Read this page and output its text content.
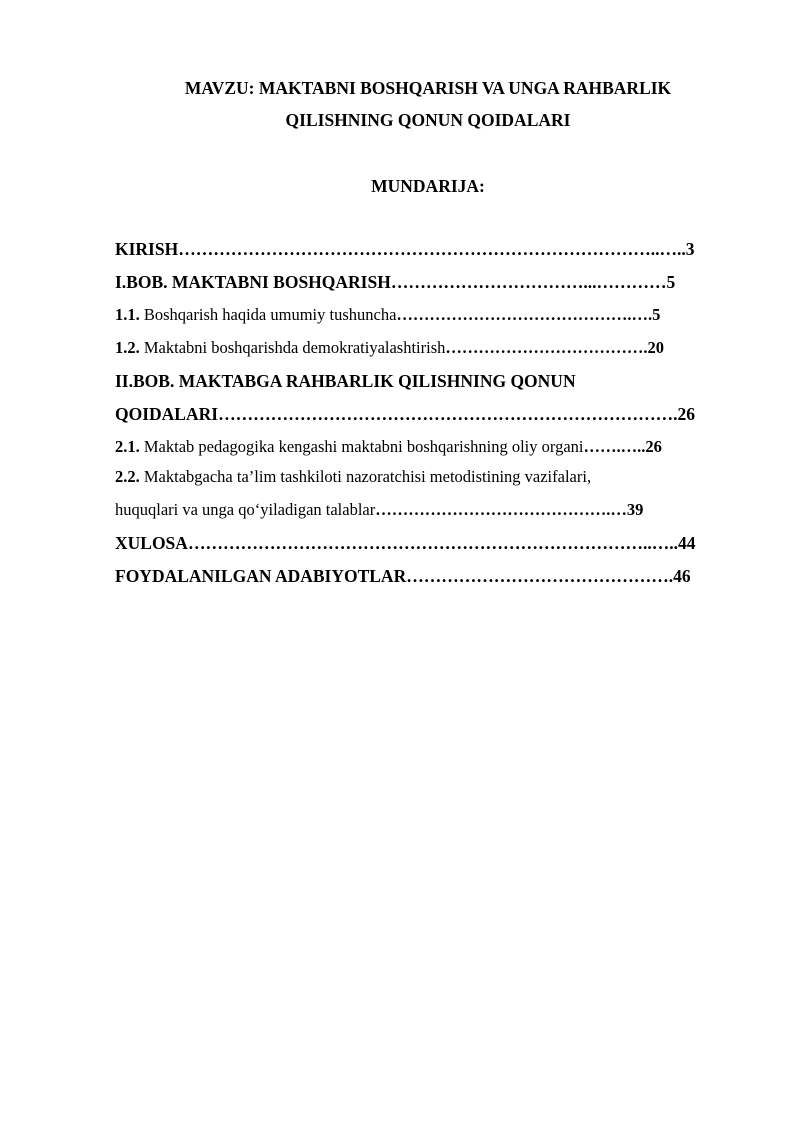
MAVZU: MAKTABNI BOSHQARISH VA UNGA RAHBARLIK
QILISHNING QONUN QOIDALARI
MUNDARIJA:
KIRISH………………………………………………………………………..…..3
I.BOB. MAKTABNI BOSHQARISH……………………………...…………5
1.1. Boshqarish haqida umumiy tushuncha…………………………………….….5
1.2. Maktabni boshqarishda demokratiyalashtirish……………………………….20
II.BOB. MAKTABGA RAHBARLIK QILISHNING QONUN
QOIDALARI…………………………………………………………………….26
2.1. Maktab pedagogika kengashi maktabni boshqarishning oliy organi…….…..26
2.2. Maktabgacha ta’lim tashkiloti nazoratchisi metodistining vazifalari,
huquqlari va unga qo‘yiladigan talablar…………………………………….…39
XULOSA……………………………………………………………………..…..44
FOYDALANILGAN ADABIYOTLAR……………………………………….46
